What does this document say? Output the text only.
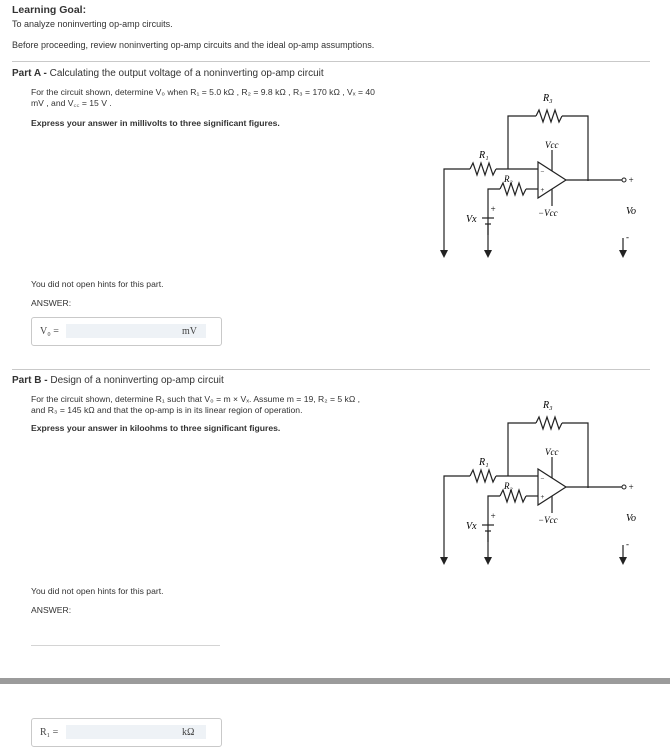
Learning Goal:
To analyze noninverting op-amp circuits.
Before proceeding, review noninverting op-amp circuits and the ideal op-amp assumptions.
Part A - Calculating the output voltage of a noninverting op-amp circuit
For the circuit shown, determine V₀ when R₁ = 5.0 kΩ , R₂ = 9.8 kΩ , R₃ = 170 kΩ , Vₓ = 40
mV , and V꜀꜀ = 15 V .
Express your answer in millivolts to three significant figures.
R₃
R₁
R₂
Vcc
−Vcc
Vx
Vo
+
-
+
−
+
You did not open hints for this part.
ANSWER:
V₀ =	mV
Part B - Design of a noninverting op-amp circuit
For the circuit shown, determine R₁ such that V₀ = m × Vₓ. Assume m = 19, R₂ = 5 kΩ ,
and R₃ = 145 kΩ and that the op-amp is in its linear region of operation.
Express your answer in kiloohms to three significant figures.
R₃
R₁
R₂
Vcc
−Vcc
Vx
Vo
+
-
+
−
+
You did not open hints for this part.
ANSWER:
R₁ =	kΩ
